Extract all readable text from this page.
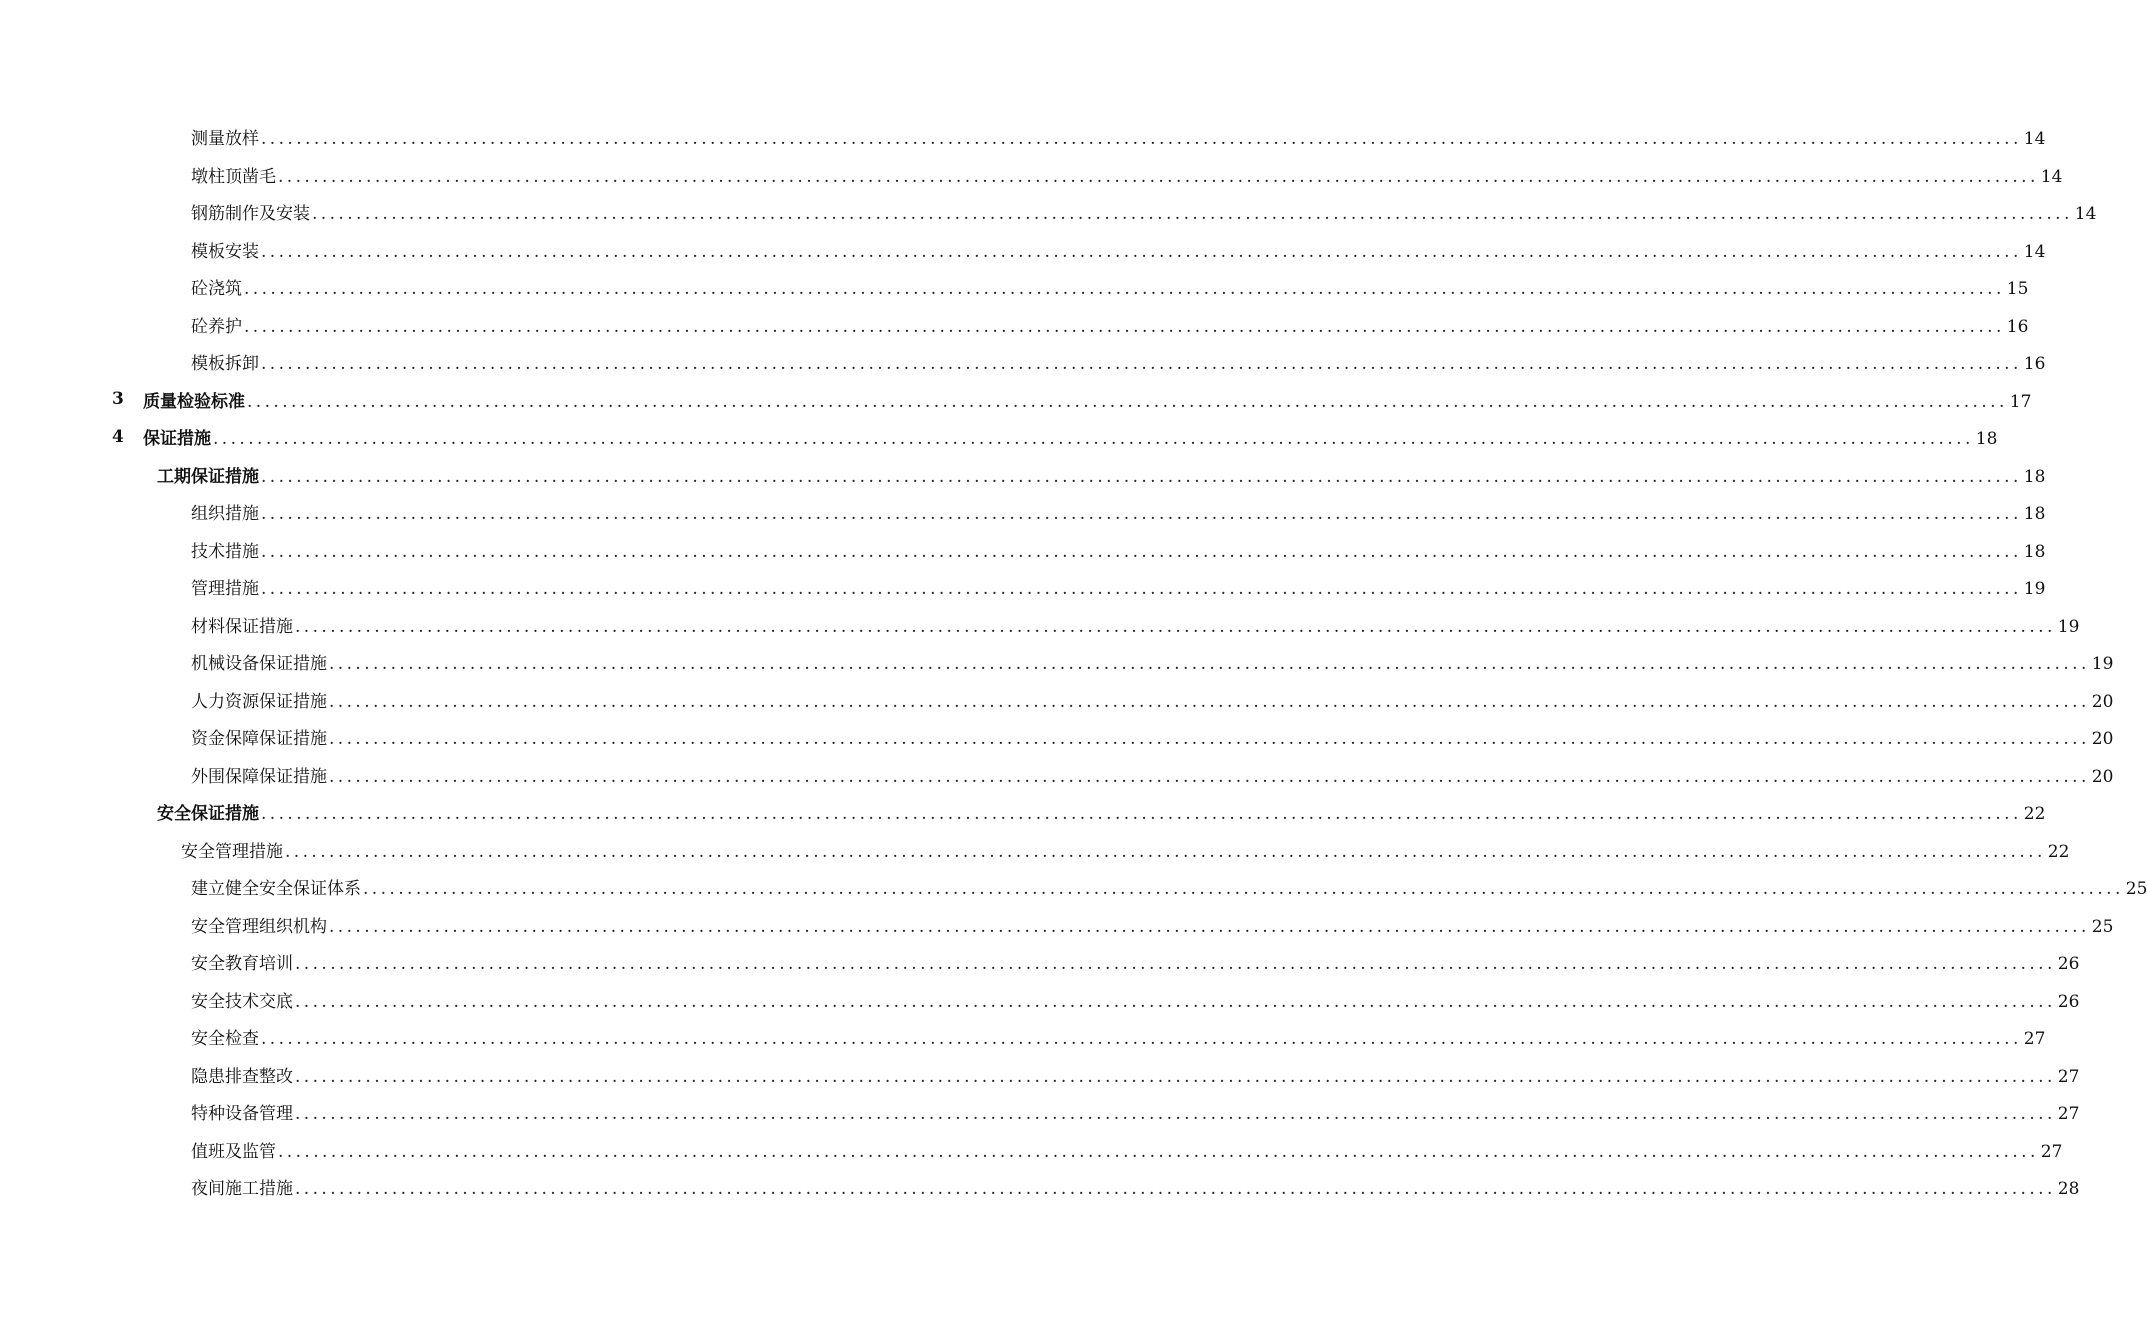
测量放样 ........................................................................................................................................................................................................ 14
墩柱顶凿毛 ........................................................................................................................................................................................................ 14
钢筋制作及安装 ........................................................................................................................................................................................................ 14
模板安装 ........................................................................................................................................................................................................ 14
砼浇筑 ........................................................................................................................................................................................................ 15
砼养护 ........................................................................................................................................................................................................ 16
模板拆卸 ........................................................................................................................................................................................................ 16
3 质量检验标准 ........................................................................................................................................................................................................ 17
4 保证措施 ........................................................................................................................................................................................................ 18
工期保证措施 ........................................................................................................................................................................................................ 18
组织措施 ........................................................................................................................................................................................................ 18
技术措施 ........................................................................................................................................................................................................ 18
管理措施 ........................................................................................................................................................................................................ 19
材料保证措施 ........................................................................................................................................................................................................ 19
机械设备保证措施 ........................................................................................................................................................................................................ 19
人力资源保证措施 ........................................................................................................................................................................................................ 20
资金保障保证措施 ........................................................................................................................................................................................................ 20
外围保障保证措施 ........................................................................................................................................................................................................ 20
安全保证措施 ........................................................................................................................................................................................................ 22
安全管理措施 ........................................................................................................................................................................................................ 22
建立健全安全保证体系 ........................................................................................................................................................................................................ 25
安全管理组织机构 ........................................................................................................................................................................................................ 25
安全教育培训 ........................................................................................................................................................................................................ 26
安全技术交底 ........................................................................................................................................................................................................ 26
安全检查 ........................................................................................................................................................................................................ 27
隐患排查整改 ........................................................................................................................................................................................................ 27
特种设备管理 ........................................................................................................................................................................................................ 27
值班及监管 ........................................................................................................................................................................................................ 27
夜间施工措施 ........................................................................................................................................................................................................ 28
